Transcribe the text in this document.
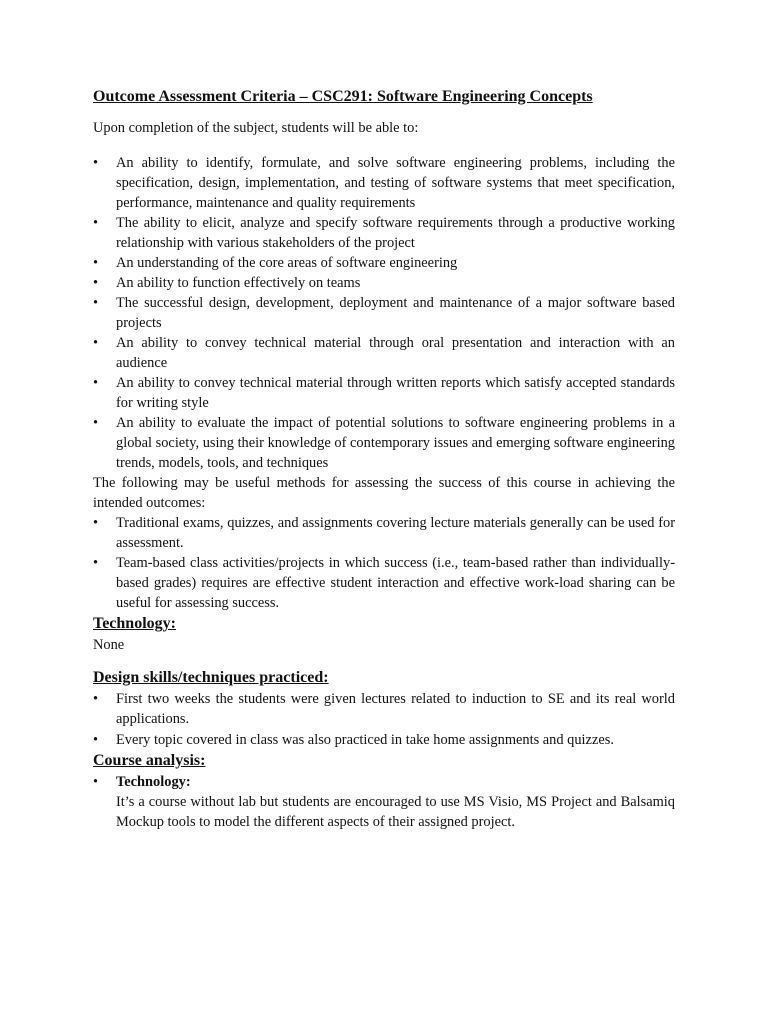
Outcome Assessment Criteria – CSC291: Software Engineering Concepts

Upon completion of the subject, students will be able to:

•	An ability to identify, formulate, and solve software engineering problems, including the specification, design, implementation, and testing of software systems that meet specification, performance, maintenance and quality requirements
•	The ability to elicit, analyze and specify software requirements through a productive working relationship with various stakeholders of the project
•	An understanding of the core areas of software engineering
•	An ability to function effectively on teams
•	The successful design, development, deployment and maintenance of a major software based projects
•	An ability to convey technical material through oral presentation and interaction with an audience
•	An ability to convey technical material through written reports which satisfy accepted standards for writing style
•	An ability to evaluate the impact of potential solutions to software engineering problems in a global society, using their knowledge of contemporary issues and emerging software engineering trends, models, tools, and techniques

The following may be useful methods for assessing the success of this course in achieving the intended outcomes:

•	Traditional exams, quizzes, and assignments covering lecture materials generally can be used for assessment.
•	Team-based class activities/projects in which success (i.e., team-based rather than individually-based grades) requires are effective student interaction and effective work-load sharing can be useful for assessing success.
Technology:

None

Design skills/techniques practiced:
•	First two weeks the students were given lectures related to induction to SE and its real world applications.
•	Every topic covered in class was also practiced in take home assignments and quizzes.
Course analysis:
•	Technology:
It’s a course without lab but students are encouraged to use MS Visio, MS Project and Balsamiq Mockup tools to model the different aspects of their assigned project.
